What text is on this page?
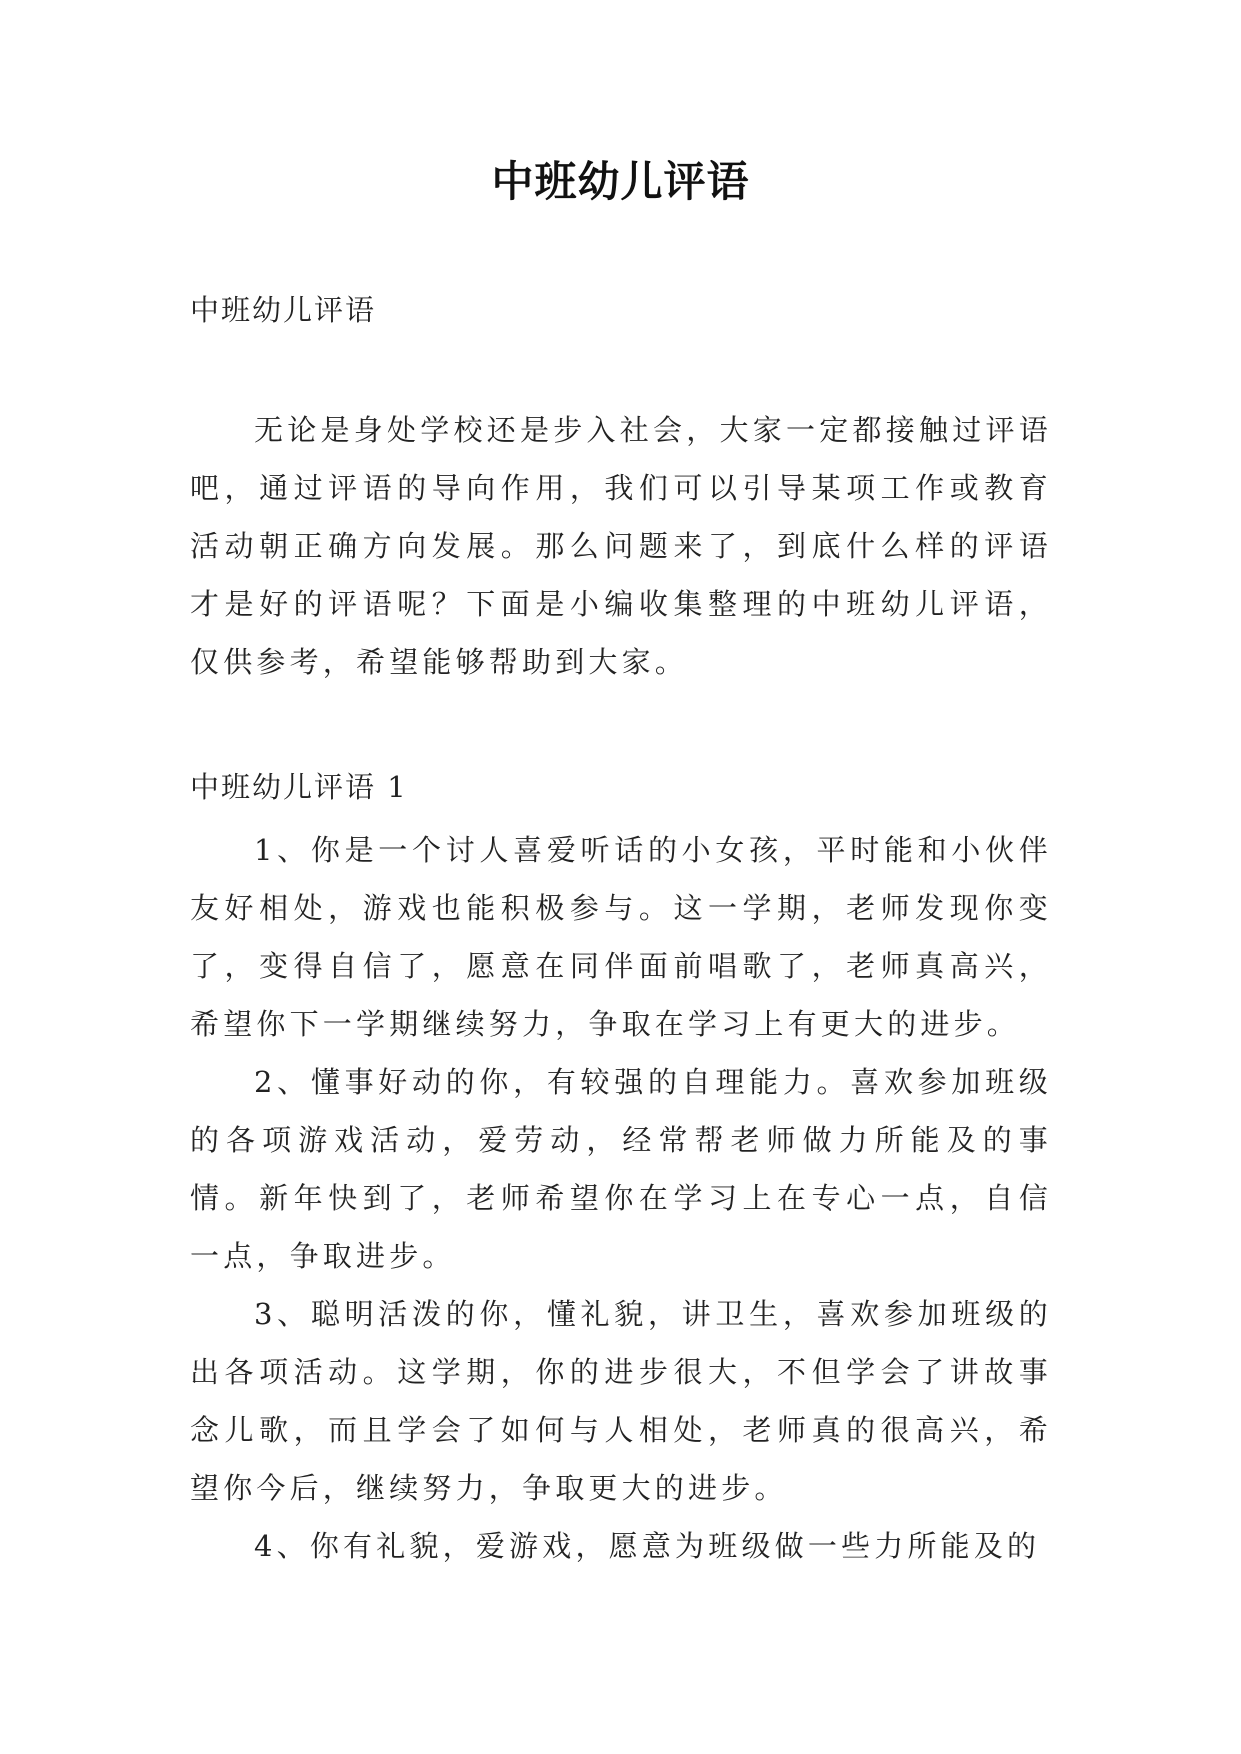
中班幼儿评语

中班幼儿评语

无论是身处学校还是步入社会，大家一定都接触过评语吧，通过评语的导向作用，我们可以引导某项工作或教育活动朝正确方向发展。那么问题来了，到底什么样的评语才是好的评语呢？下面是小编收集整理的中班幼儿评语，仅供参考，希望能够帮助到大家。

中班幼儿评语 1

1、你是一个讨人喜爱听话的小女孩，平时能和小伙伴友好相处，游戏也能积极参与。这一学期，老师发现你变了，变得自信了，愿意在同伴面前唱歌了，老师真高兴，希望你下一学期继续努力，争取在学习上有更大的进步。

2、懂事好动的你，有较强的自理能力。喜欢参加班级的各项游戏活动，爱劳动，经常帮老师做力所能及的事情。新年快到了，老师希望你在学习上在专心一点，自信一点，争取进步。

3、聪明活泼的你，懂礼貌，讲卫生，喜欢参加班级的出各项活动。这学期，你的进步很大，不但学会了讲故事念儿歌，而且学会了如何与人相处，老师真的很高兴，希望你今后，继续努力，争取更大的进步。

4、你有礼貌，爱游戏，愿意为班级做一些力所能及的
